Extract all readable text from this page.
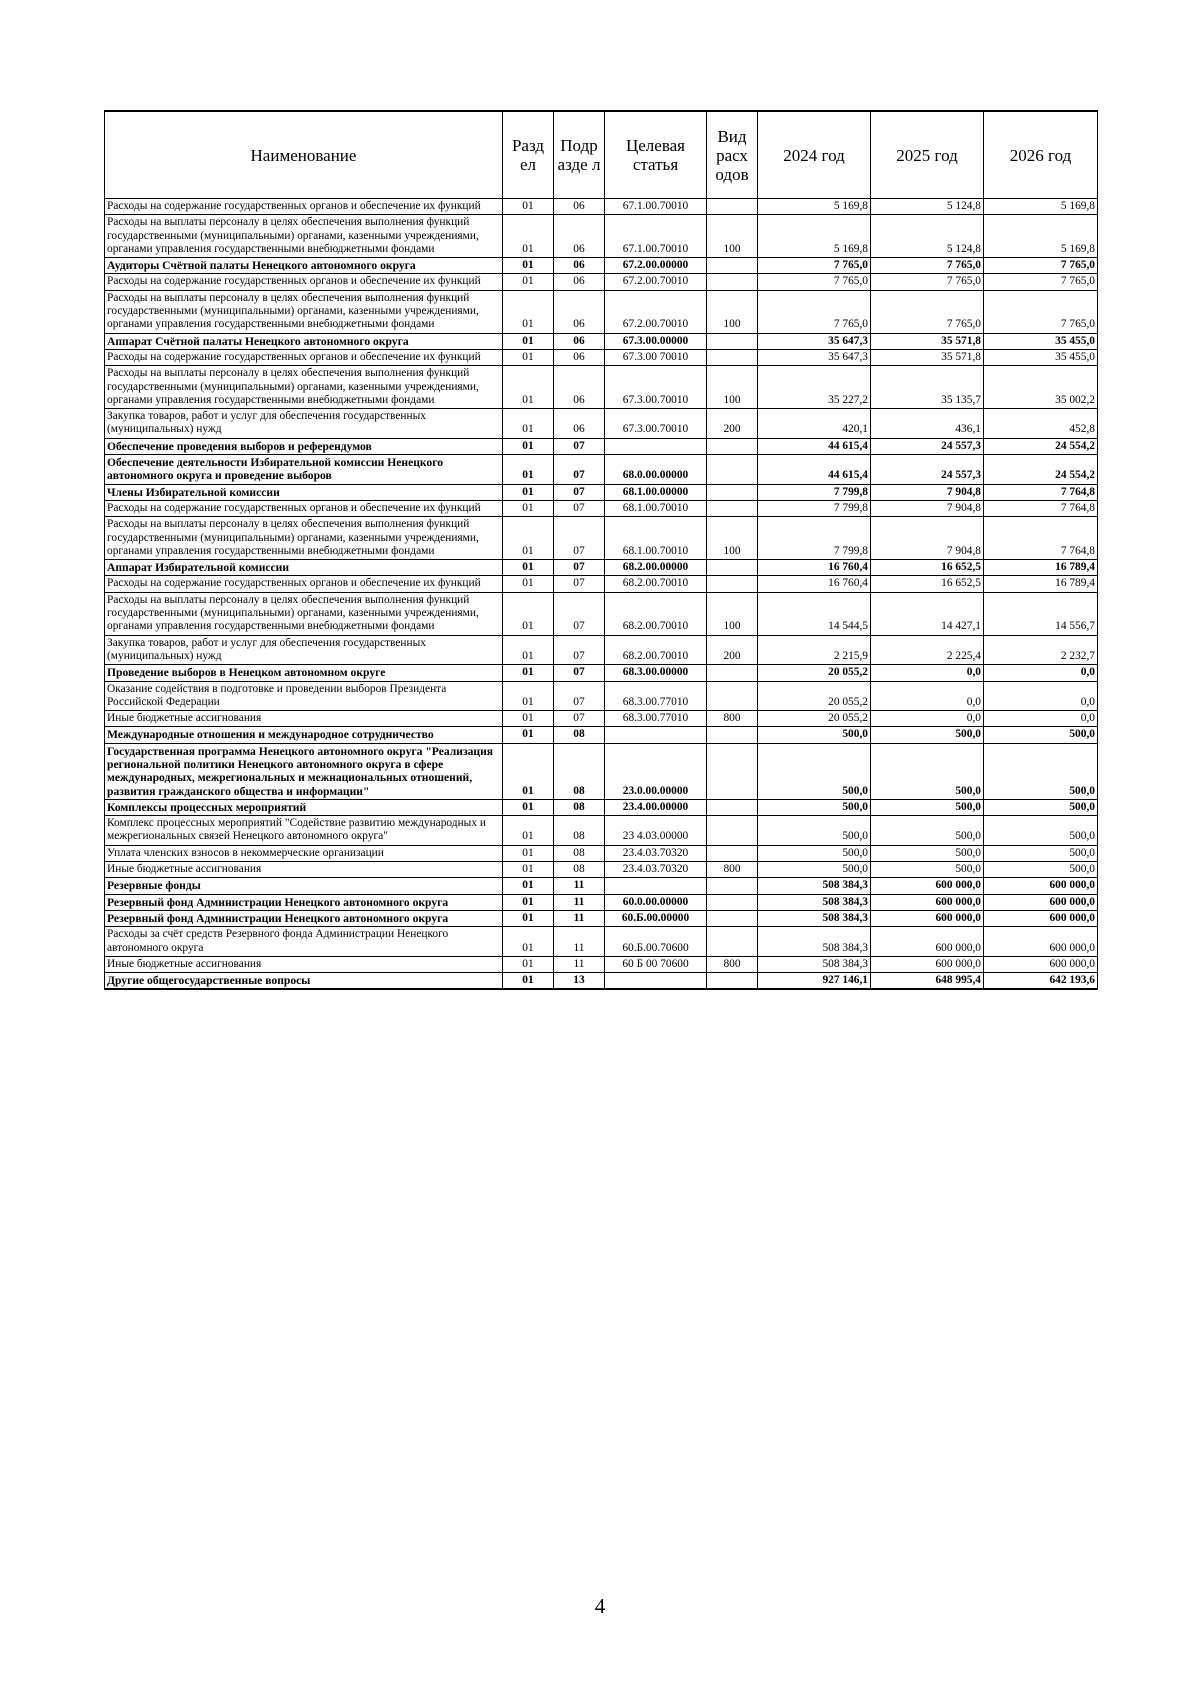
Наименование	Разд ел	Подр азде л	Целевая статья	Вид расх одов	2024 год	2025 год	2026 год
Расходы на содержание государственных органов и обеспечение их функций	01	06	67.1.00.70010		5 169,8	5 124,8	5 169,8
Расходы на выплаты персоналу в целях обеспечения выполнения функций государственными (муниципальными) органами, казенными учреждениями, органами управления государственными внебюджетными фондами	01	06	67.1.00.70010	100	5 169,8	5 124,8	5 169,8
Аудиторы Счётной палаты Ненецкого автономного округа	01	06	67.2.00.00000		7 765,0	7 765,0	7 765,0
Расходы на содержание государственных органов и обеспечение их функций	01	06	67.2.00.70010		7 765,0	7 765,0	7 765,0
Расходы на выплаты персоналу в целях обеспечения выполнения функций государственными (муниципальными) органами, казенными учреждениями, органами управления государственными внебюджетными фондами	01	06	67.2.00.70010	100	7 765,0	7 765,0	7 765,0
Аппарат Счётной палаты Ненецкого автономного округа	01	06	67.3.00.00000		35 647,3	35 571,8	35 455,0
Расходы на содержание государственных органов и обеспечение их функций	01	06	67.3.00 70010		35 647,3	35 571,8	35 455,0
Расходы на выплаты персоналу в целях обеспечения выполнения функций государственными (муниципальными) органами, казенными учреждениями, органами управления государственными внебюджетными фондами	01	06	67.3.00.70010	100	35 227,2	35 135,7	35 002,2
Закупка товаров, работ и услуг для обеспечения государственных (муниципальных) нужд	01	06	67.3.00.70010	200	420,1	436,1	452,8
Обеспечение проведения выборов и референдумов	01	07			44 615,4	24 557,3	24 554,2
Обеспечение деятельности Избирательной комиссии Ненецкого автономного округа и проведение выборов	01	07	68.0.00.00000		44 615,4	24 557,3	24 554,2
Члены Избирательной комиссии	01	07	68.1.00.00000		7 799,8	7 904,8	7 764,8
Расходы на содержание государственных органов и обеспечение их функций	01	07	68.1.00.70010		7 799,8	7 904,8	7 764,8
Расходы на выплаты персоналу в целях обеспечения выполнения функций государственными (муниципальными) органами, казенными учреждениями, органами управления государственными внебюджетными фондами	01	07	68.1.00.70010	100	7 799,8	7 904,8	7 764,8
Аппарат Избирательной комиссии	01	07	68.2.00.00000		16 760,4	16 652,5	16 789,4
Расходы на содержание государственных органов и обеспечение их функций	01	07	68.2.00.70010		16 760,4	16 652,5	16 789,4
Расходы на выплаты персоналу в целях обеспечения выполнения функций государственными (муниципальными) органами, казенными учреждениями, органами управления государственными внебюджетными фондами	01	07	68.2.00.70010	100	14 544,5	14 427,1	14 556,7
Закупка товаров, работ и услуг для обеспечения государственных (муниципальных) нужд	01	07	68.2.00.70010	200	2 215,9	2 225,4	2 232,7
Проведение выборов в Ненецком автономном округе	01	07	68.3.00.00000		20 055,2	0,0	0,0
Оказание содействия в подготовке и проведении выборов Президента Российской Федерации	01	07	68.3.00.77010		20 055,2	0,0	0,0
Иные бюджетные ассигнования	01	07	68.3.00.77010	800	20 055,2	0,0	0,0
Международные отношения и международное сотрудничество	01	08			500,0	500,0	500,0
Государственная программа Ненецкого автономного округа "Реализация региональной политики Ненецкого автономного округа в сфере международных, межрегиональных и межнациональных отношений, развития гражданского общества и информации"	01	08	23.0.00.00000		500,0	500,0	500,0
Комплексы процессных мероприятий	01	08	23.4.00.00000		500,0	500,0	500,0
Комплекс процессных мероприятий "Содействие развитию международных и межрегиональных связей Ненецкого автономного округа"	01	08	23 4.03.00000		500,0	500,0	500,0
Уплата членских взносов в некоммерческие организации	01	08	23.4.03.70320		500,0	500,0	500,0
Иные бюджетные ассигнования	01	08	23.4.03.70320	800	500,0	500,0	500,0
Резервные фонды	01	11			508 384,3	600 000,0	600 000,0
Резервный фонд Администрации Ненецкого автономного округа	01	11	60.0.00.00000		508 384,3	600 000,0	600 000,0
Резервный фонд Администрации Ненецкого автономного округа	01	11	60.Б.00.00000		508 384,3	600 000,0	600 000,0
Расходы за счёт средств Резервного фонда Администрации Ненецкого автономного округа	01	11	60.Б.00.70600		508 384,3	600 000,0	600 000,0
Иные бюджетные ассигнования	01	11	60 Б 00 70600	800	508 384,3	600 000,0	600 000,0
Другие общегосударственные вопросы	01	13			927 146,1	648 995,4	642 193,6
4
